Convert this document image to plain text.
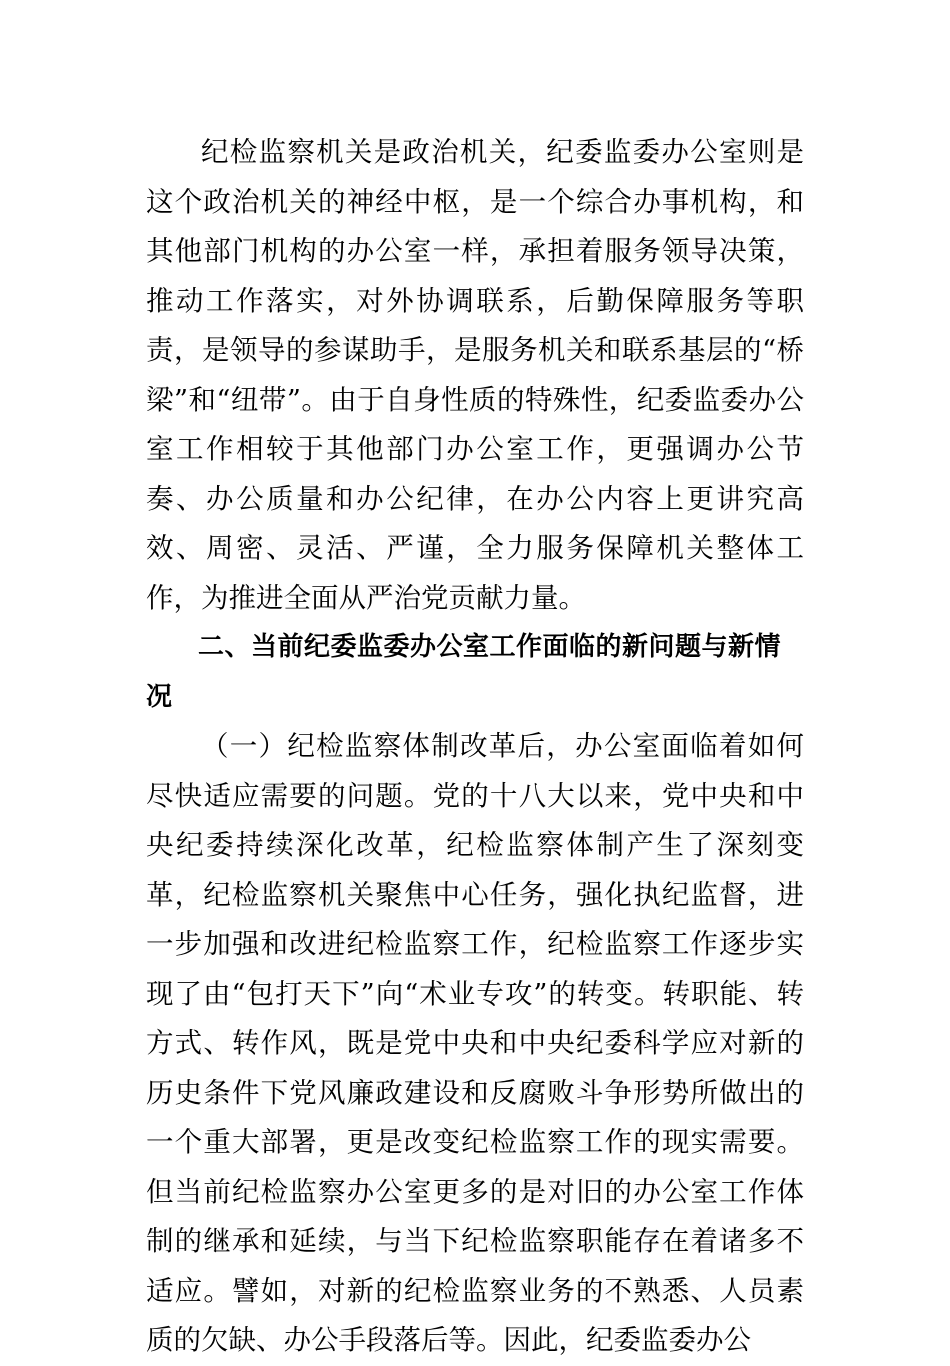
纪检监察机关是政治机关，纪委监委办公室则是这个政治机关的神经中枢，是一个综合办事机构，和其他部门机构的办公室一样，承担着服务领导决策，推动工作落实，对外协调联系，后勤保障服务等职责，是领导的参谋助手，是服务机关和联系基层的“桥梁”和“纽带”。由于自身性质的特殊性，纪委监委办公室工作相较于其他部门办公室工作，更强调办公节奏、办公质量和办公纪律，在办公内容上更讲究高效、周密、灵活、严谨，全力服务保障机关整体工作，为推进全面从严治党贡献力量。

二、当前纪委监委办公室工作面临的新问题与新情况

（一）纪检监察体制改革后，办公室面临着如何尽快适应需要的问题。党的十八大以来，党中央和中央纪委持续深化改革，纪检监察体制产生了深刻变革，纪检监察机关聚焦中心任务，强化执纪监督，进一步加强和改进纪检监察工作，纪检监察工作逐步实现了由“包打天下”向“术业专攻”的转变。转职能、转方式、转作风，既是党中央和中央纪委科学应对新的历史条件下党风廉政建设和反腐败斗争形势所做出的一个重大部署，更是改变纪检监察工作的现实需要。但当前纪检监察办公室更多的是对旧的办公室工作体制的继承和延续，与当下纪检监察职能存在着诸多不适应。譬如，对新的纪检监察业务的不熟悉、人员素质的欠缺、办公手段落后等。因此，纪委监委办公
